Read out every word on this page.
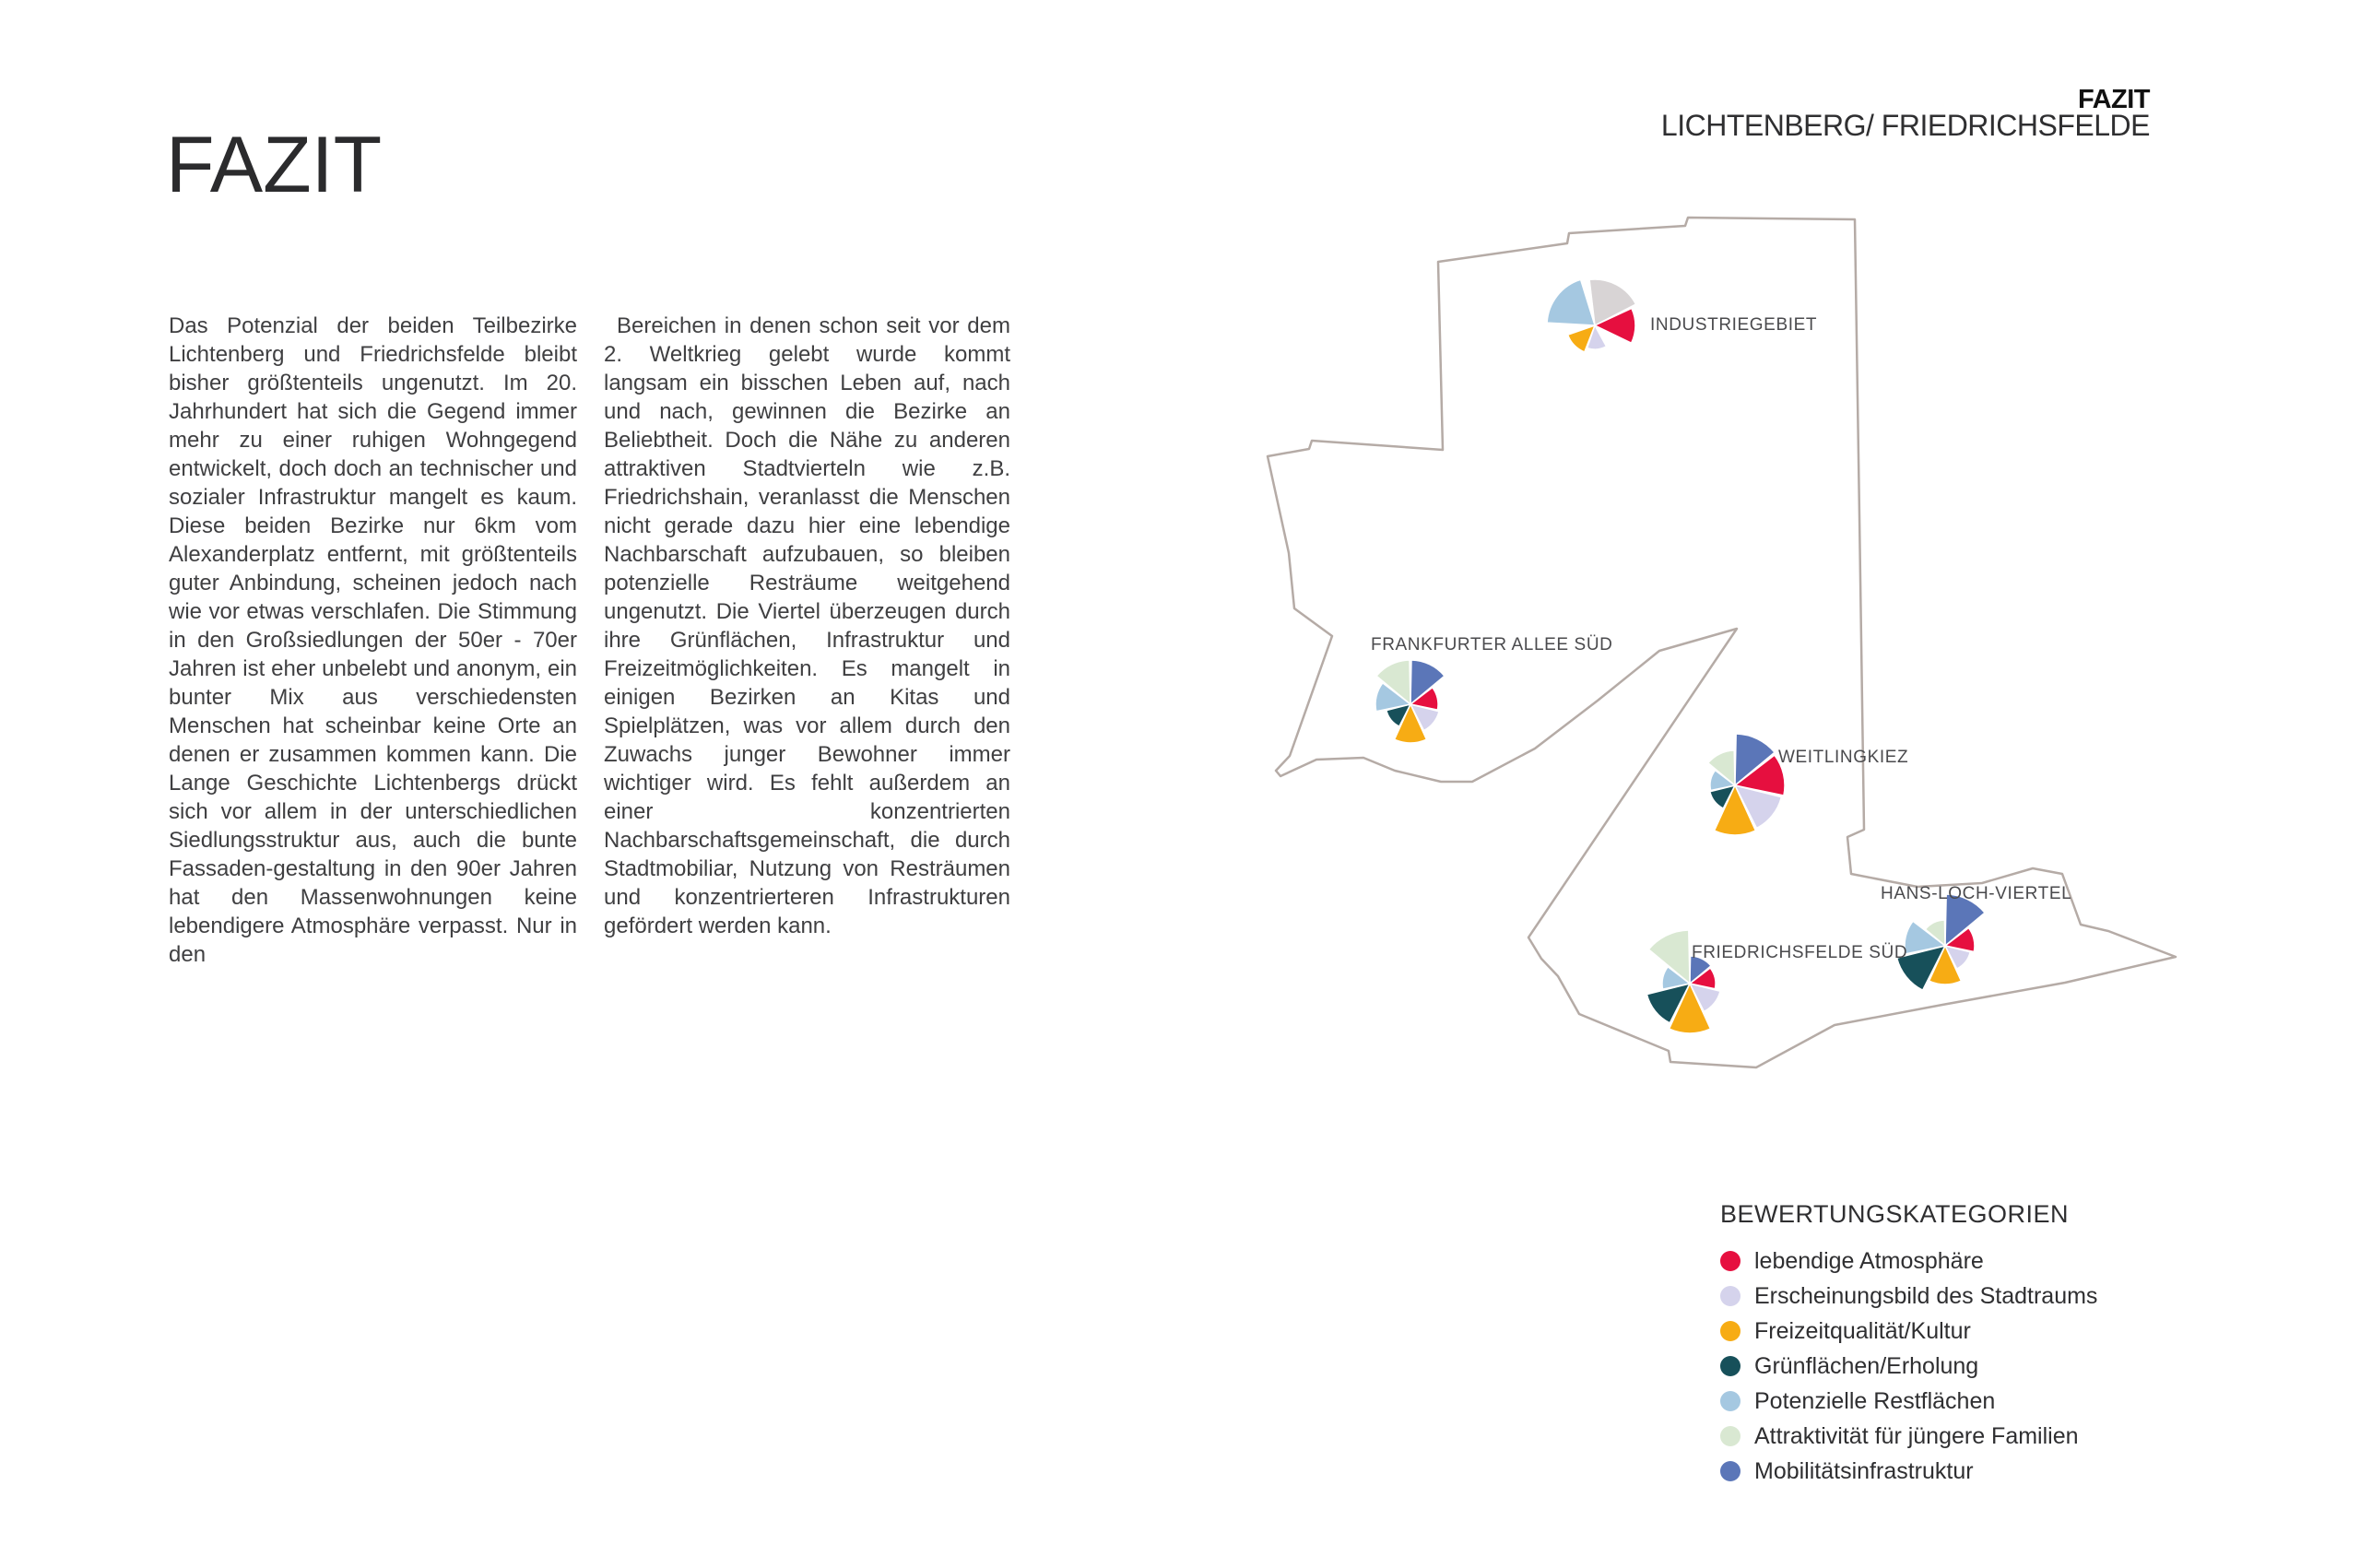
FAZIT
FAZIT
LICHTENBERG/ FRIEDRICHSFELDE

Das Potenzial der beiden Teilbezirke Lichtenberg und Friedrichsfelde bleibt bisher größtenteils ungenutzt. Im 20. Jahrhundert hat sich die Gegend immer mehr zu einer ruhigen Wohngegend entwickelt, doch doch an technischer und sozialer Infrastruktur mangelt es kaum. Diese beiden Bezirke nur 6km vom Alexanderplatz entfernt, mit größtenteils guter Anbindung, scheinen jedoch nach wie vor etwas verschlafen. Die Stimmung in den Großsiedlungen der 50er - 70er Jahren ist eher unbelebt und anonym, ein bunter Mix aus verschiedensten Menschen hat scheinbar keine Orte an denen er zusammen kommen kann. Die Lange Geschichte Lichtenbergs drückt sich vor allem in der unterschiedlichen Siedlungsstruktur aus, auch die bunte Fassaden-gestaltung in den 90er Jahren hat den Massenwohnungen keine lebendigere Atmosphäre verpasst. Nur in den

Bereichen in denen schon seit vor dem 2. Weltkrieg gelebt wurde kommt langsam ein bisschen Leben auf, nach und nach, gewinnen die Bezirke an Beliebtheit. Doch die Nähe zu anderen attraktiven Stadtvierteln wie z.B. Friedrichshain, veranlasst die Menschen nicht gerade dazu hier eine lebendige Nachbarschaft aufzubauen, so bleiben potenzielle Resträume weitgehend ungenutzt. Die Viertel überzeugen durch ihre Grünflächen, Infrastruktur und Freizeitmöglichkeiten. Es mangelt in einigen Bezirken an Kitas und Spielplätzen, was vor allem durch den Zuwachs junger Bewohner immer wichtiger wird. Es fehlt außerdem an einer konzentrierten Nachbarschaftsgemeinschaft, die durch Stadtmobiliar, Nutzung von Resträumen und konzentrierteren Infrastrukturen gefördert werden kann.

INDUSTRIEGEBIET
FRANKFURTER ALLEE SÜD
WEITLINGKIEZ
HANS-LOCH-VIERTEL
FRIEDRICHSFELDE SÜD

BEWERTUNGSKATEGORIEN

lebendige Atmosphäre
Erscheinungsbild des Stadtraums
Freizeitqualität/Kultur
Grünflächen/Erholung
Potenzielle Restflächen
Attraktivität für jüngere Familien
Mobilitätsinfrastruktur
